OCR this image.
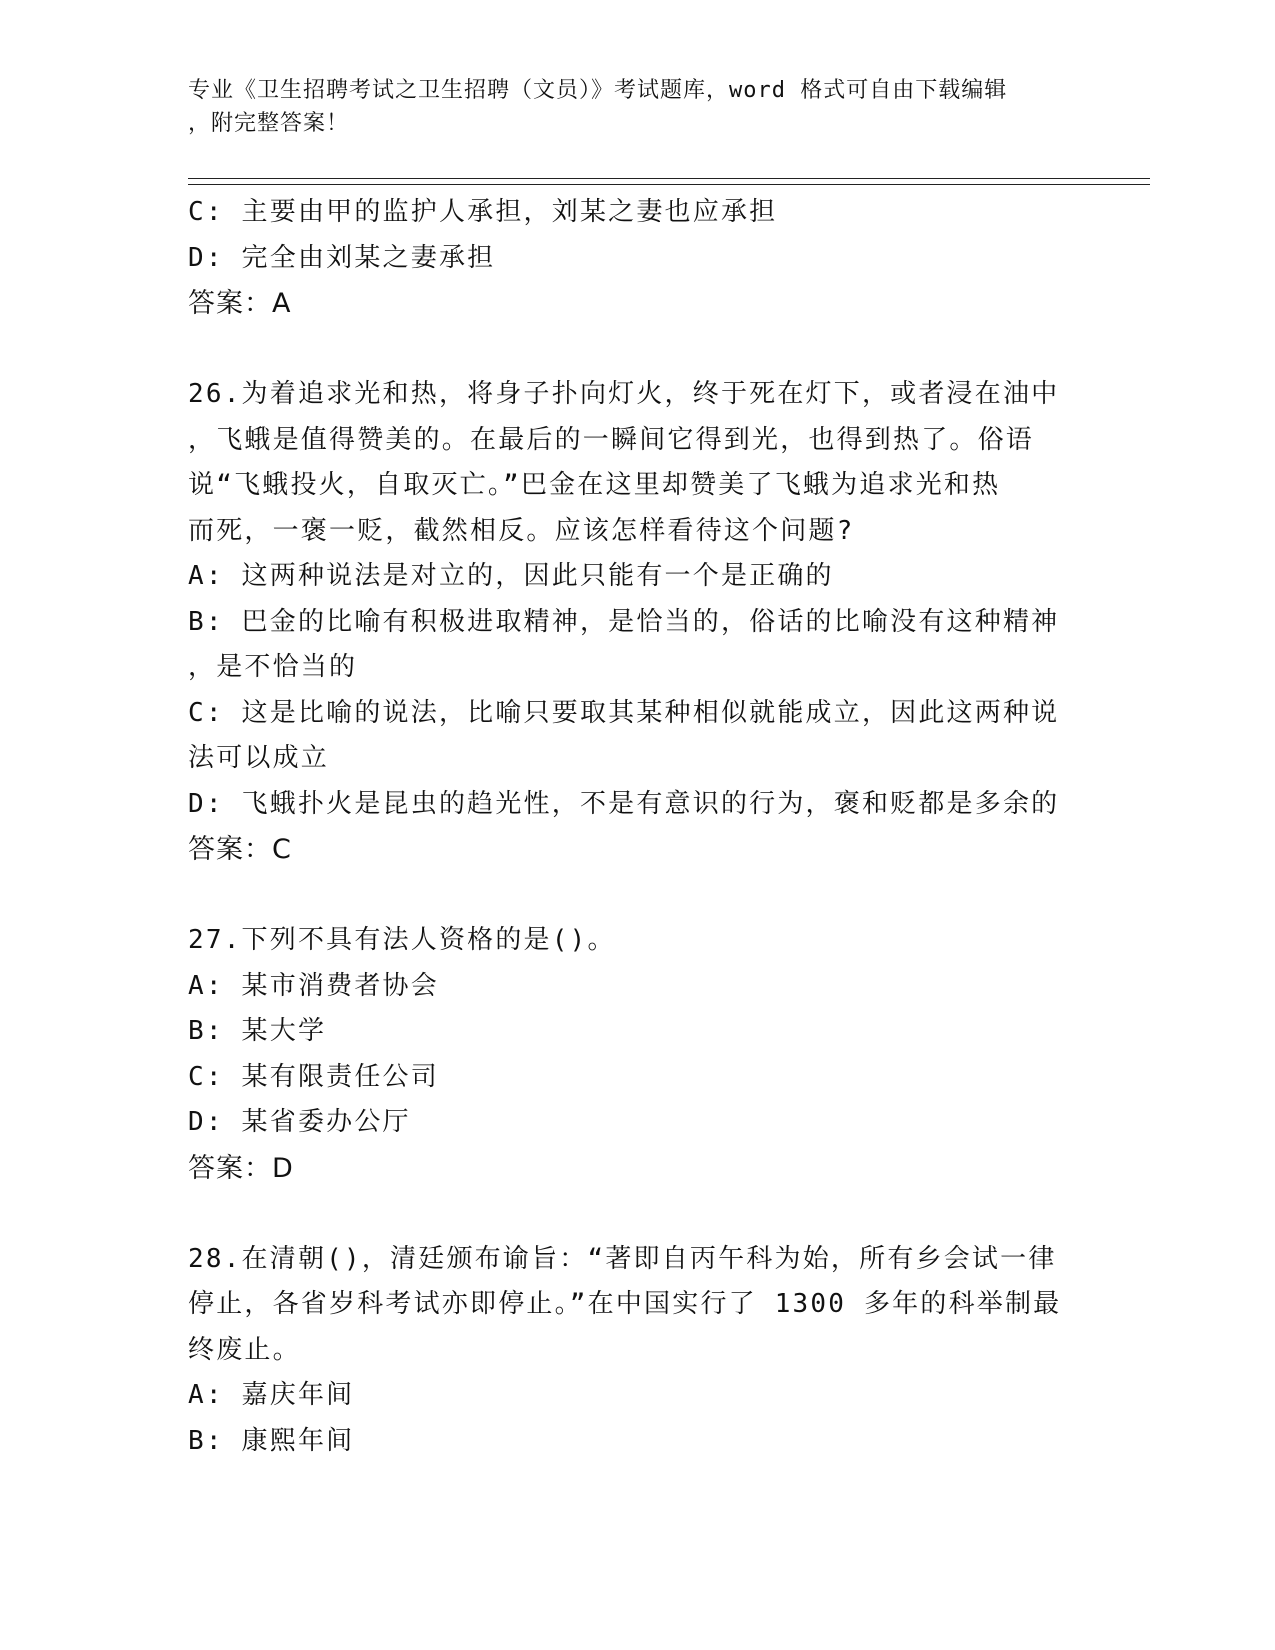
专业《卫生招聘考试之卫生招聘（文员）》考试题库，word 格式可自由下载编辑
，附完整答案！
C: 主要由甲的监护人承担，刘某之妻也应承担
D: 完全由刘某之妻承担
答案：A
26.为着追求光和热，将身子扑向灯火，终于死在灯下，或者浸在油中
，飞蛾是值得赞美的。在最后的一瞬间它得到光，也得到热了。俗语
说“飞蛾投火，自取灭亡。”巴金在这里却赞美了飞蛾为追求光和热
而死，一褒一贬，截然相反。应该怎样看待这个问题?
A: 这两种说法是对立的，因此只能有一个是正确的
B: 巴金的比喻有积极进取精神，是恰当的，俗话的比喻没有这种精神
，是不恰当的
C: 这是比喻的说法，比喻只要取其某种相似就能成立，因此这两种说
法可以成立
D: 飞蛾扑火是昆虫的趋光性，不是有意识的行为，褒和贬都是多余的
答案：C
27.下列不具有法人资格的是()。
A: 某市消费者协会
B: 某大学
C: 某有限责任公司
D: 某省委办公厅
答案：D
28.在清朝()，清廷颁布谕旨：“著即自丙午科为始，所有乡会试一律
停止，各省岁科考试亦即停止。”在中国实行了 1300 多年的科举制最
终废止。
A: 嘉庆年间
B: 康熙年间
